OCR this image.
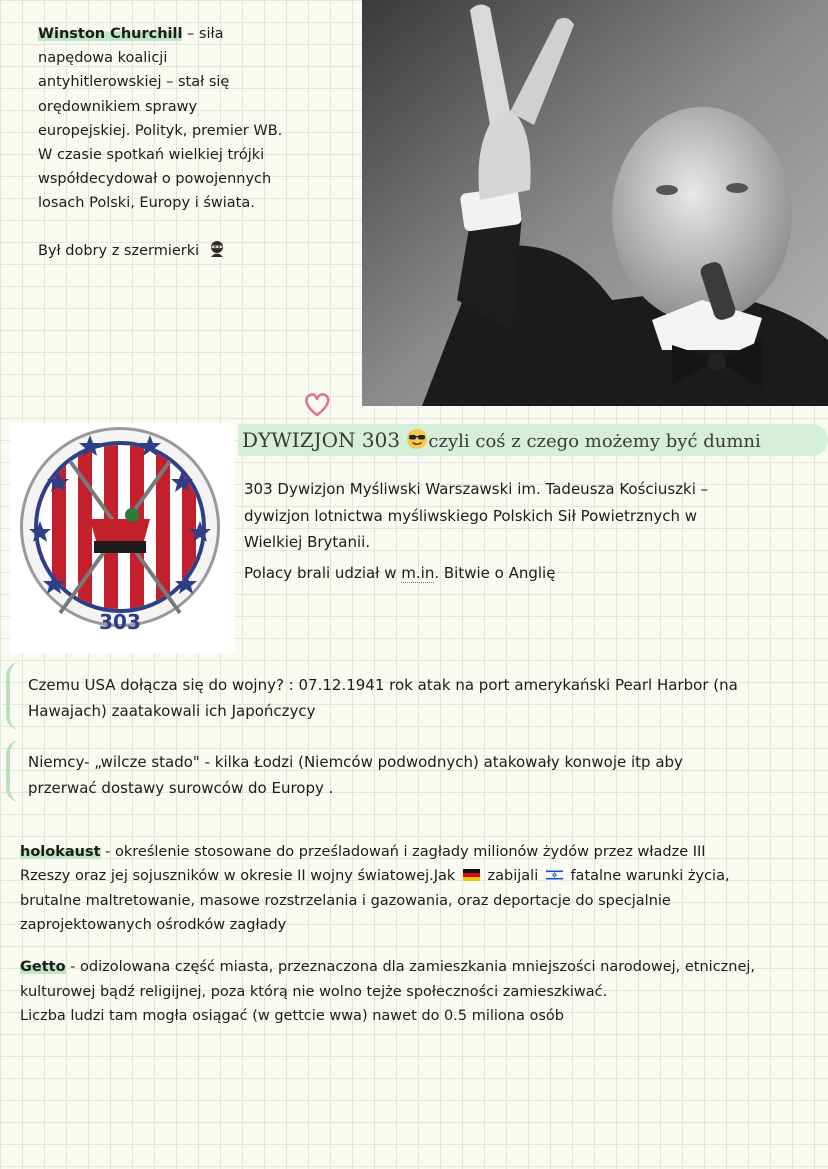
Winston Churchill – siła

napędowa koalicji

antyhitlerowskiej – stał się

orędownikiem sprawy

europejskiej. Polityk, premier WB.

W czasie spotkań wielkiej trójki

współdecydował o powojennych

losach Polski, Europy i świata.

Był dobry z szermierki
303
DYWIZJON 303 czyli coś z czego możemy być dumni

303 Dywizjon Myśliwski Warszawski im. Tadeusza Kościuszki –

dywizjon lotnictwa myśliwskiego Polskich Sił Powietrznych w

Wielkiej Brytanii.

Polacy brali udział w m.in. Bitwie o Anglię

Czemu USA dołącza się do wojny? : 07.12.1941 rok atak na port amerykański Pearl Harbor (na

Hawajach) zaatakowali ich Japończycy

Niemcy- „wilcze stado" - kilka Łodzi (Niemców podwodnych) atakowały konwoje itp aby

przerwać dostawy surowców do Europy .

holokaust - określenie stosowane do prześladowań i zagłady milionów żydów przez władze III

Rzeszy oraz jej sojuszników w okresie II wojny światowej.Jak  zabijali  fatalne warunki życia,

brutalne maltretowanie, masowe rozstrzelania i gazowania, oraz deportacje do specjalnie

zaprojektowanych ośrodków zagłady

Getto - odizolowana część miasta, przeznaczona dla zamieszkania mniejszości narodowej, etnicznej,

kulturowej bądź religijnej, poza którą nie wolno tejże społeczności zamieszkiwać.

Liczba ludzi tam mogła osiągać (w gettcie wwa) nawet do 0.5 miliona osób
